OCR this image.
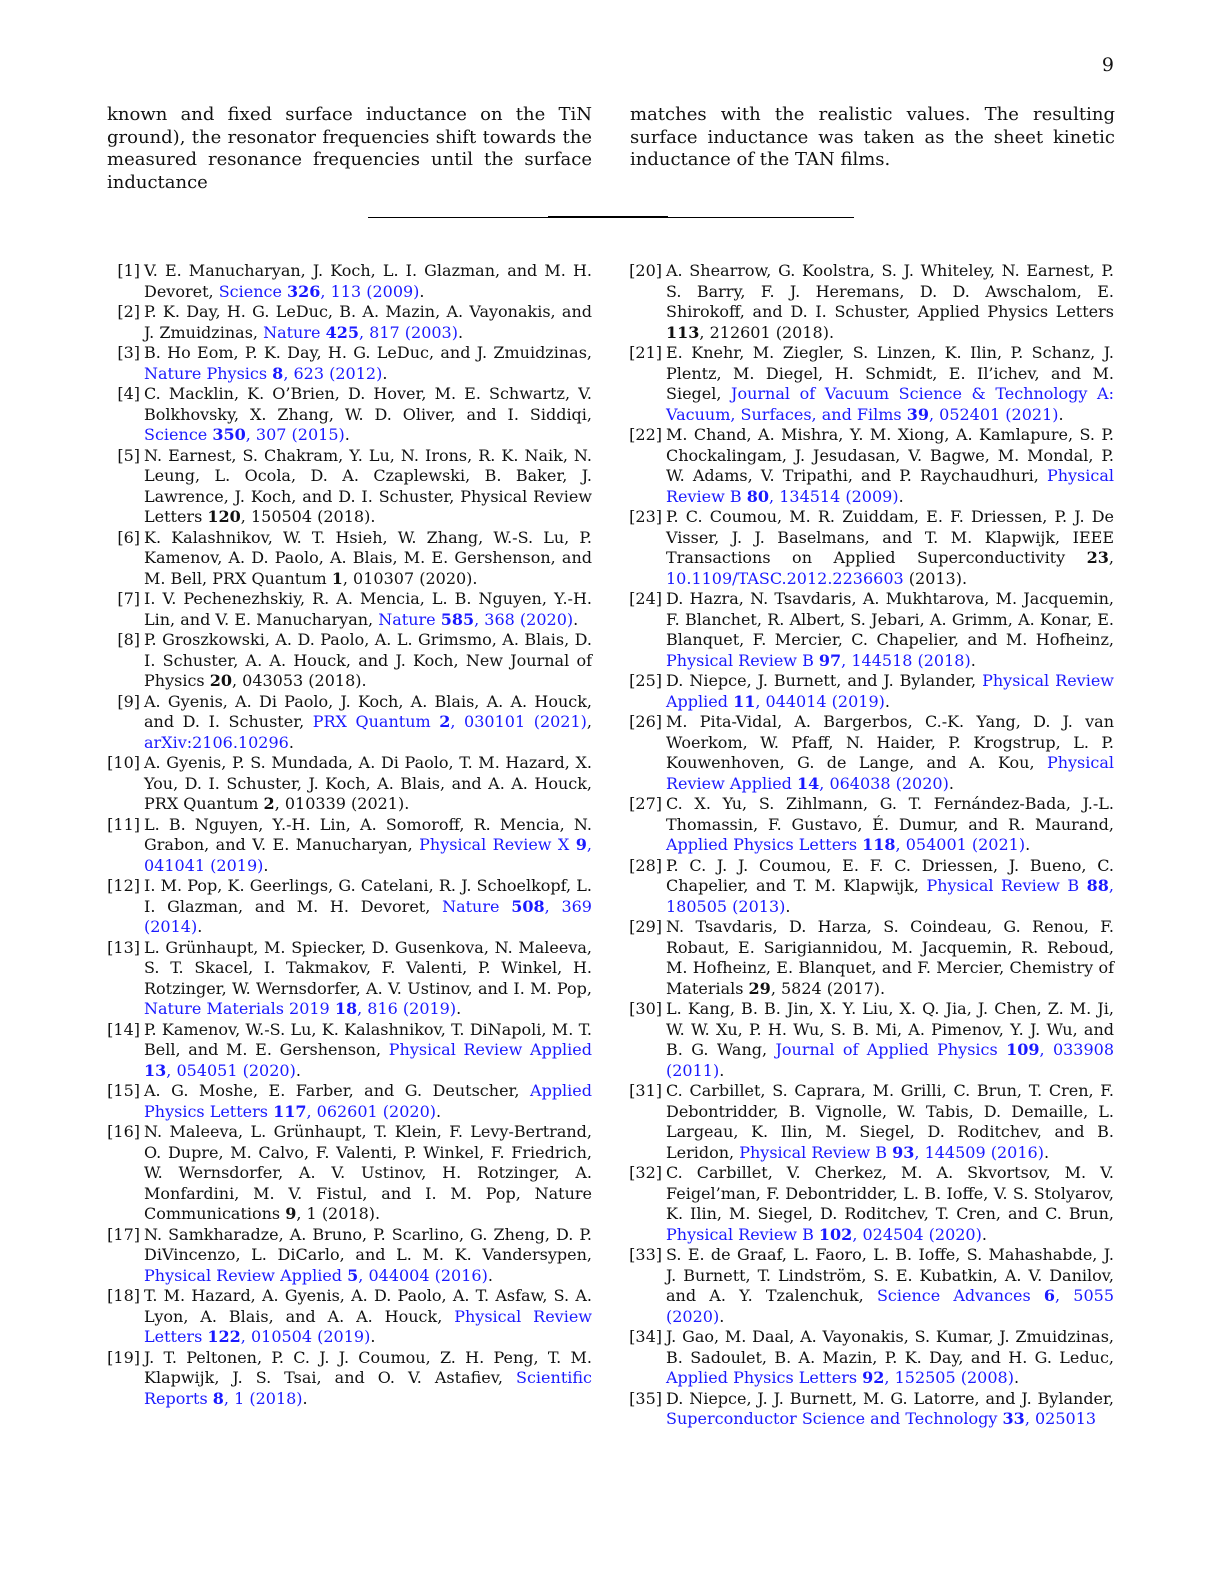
9

known and fixed surface inductance on the TiN ground), the resonator frequencies shift towards the measured resonance frequencies until the surface inductance

matches with the realistic values. The resulting surface inductance was taken as the sheet kinetic inductance of the TAN films.

[1] V. E. Manucharyan, J. Koch, L. I. Glazman, and M. H. Devoret, Science 326, 113 (2009).
[2] P. K. Day, H. G. LeDuc, B. A. Mazin, A. Vayonakis, and J. Zmuidzinas, Nature 425, 817 (2003).
[3] B. Ho Eom, P. K. Day, H. G. LeDuc, and J. Zmuidzinas, Nature Physics 8, 623 (2012).
[4] C. Macklin, K. O’Brien, D. Hover, M. E. Schwartz, V. Bolkhovsky, X. Zhang, W. D. Oliver, and I. Siddiqi, Science 350, 307 (2015).
[5] N. Earnest, S. Chakram, Y. Lu, N. Irons, R. K. Naik, N. Leung, L. Ocola, D. A. Czaplewski, B. Baker, J. Lawrence, J. Koch, and D. I. Schuster, Physical Review Letters 120, 150504 (2018).
[6] K. Kalashnikov, W. T. Hsieh, W. Zhang, W.-S. Lu, P. Kamenov, A. D. Paolo, A. Blais, M. E. Gershenson, and M. Bell, PRX Quantum 1, 010307 (2020).
[7] I. V. Pechenezhskiy, R. A. Mencia, L. B. Nguyen, Y.-H. Lin, and V. E. Manucharyan, Nature 585, 368 (2020).
[8] P. Groszkowski, A. D. Paolo, A. L. Grimsmo, A. Blais, D. I. Schuster, A. A. Houck, and J. Koch, New Journal of Physics 20, 043053 (2018).
[9] A. Gyenis, A. Di Paolo, J. Koch, A. Blais, A. A. Houck, and D. I. Schuster, PRX Quantum 2, 030101 (2021), arXiv:2106.10296.
[10] A. Gyenis, P. S. Mundada, A. Di Paolo, T. M. Hazard, X. You, D. I. Schuster, J. Koch, A. Blais, and A. A. Houck, PRX Quantum 2, 010339 (2021).
[11] L. B. Nguyen, Y.-H. Lin, A. Somoroff, R. Mencia, N. Grabon, and V. E. Manucharyan, Physical Review X 9, 041041 (2019).
[12] I. M. Pop, K. Geerlings, G. Catelani, R. J. Schoelkopf, L. I. Glazman, and M. H. Devoret, Nature 508, 369 (2014).
[13] L. Grünhaupt, M. Spiecker, D. Gusenkova, N. Maleeva, S. T. Skacel, I. Takmakov, F. Valenti, P. Winkel, H. Rotzinger, W. Wernsdorfer, A. V. Ustinov, and I. M. Pop, Nature Materials 2019 18, 816 (2019).
[14] P. Kamenov, W.-S. Lu, K. Kalashnikov, T. DiNapoli, M. T. Bell, and M. E. Gershenson, Physical Review Applied 13, 054051 (2020).
[15] A. G. Moshe, E. Farber, and G. Deutscher, Applied Physics Letters 117, 062601 (2020).
[16] N. Maleeva, L. Grünhaupt, T. Klein, F. Levy-Bertrand, O. Dupre, M. Calvo, F. Valenti, P. Winkel, F. Friedrich, W. Wernsdorfer, A. V. Ustinov, H. Rotzinger, A. Monfardini, M. V. Fistul, and I. M. Pop, Nature Communications 9, 1 (2018).
[17] N. Samkharadze, A. Bruno, P. Scarlino, G. Zheng, D. P. DiVincenzo, L. DiCarlo, and L. M. K. Vandersypen, Physical Review Applied 5, 044004 (2016).
[18] T. M. Hazard, A. Gyenis, A. D. Paolo, A. T. Asfaw, S. A. Lyon, A. Blais, and A. A. Houck, Physical Review Letters 122, 010504 (2019).
[19] J. T. Peltonen, P. C. J. J. Coumou, Z. H. Peng, T. M. Klapwijk, J. S. Tsai, and O. V. Astafiev, Scientific Reports 8, 1 (2018).
[20] A. Shearrow, G. Koolstra, S. J. Whiteley, N. Earnest, P. S. Barry, F. J. Heremans, D. D. Awschalom, E. Shirokoff, and D. I. Schuster, Applied Physics Letters 113, 212601 (2018).
[21] E. Knehr, M. Ziegler, S. Linzen, K. Ilin, P. Schanz, J. Plentz, M. Diegel, H. Schmidt, E. Il’ichev, and M. Siegel, Journal of Vacuum Science & Technology A: Vacuum, Surfaces, and Films 39, 052401 (2021).
[22] M. Chand, A. Mishra, Y. M. Xiong, A. Kamlapure, S. P. Chockalingam, J. Jesudasan, V. Bagwe, M. Mondal, P. W. Adams, V. Tripathi, and P. Raychaudhuri, Physical Review B 80, 134514 (2009).
[23] P. C. Coumou, M. R. Zuiddam, E. F. Driessen, P. J. De Visser, J. J. Baselmans, and T. M. Klapwijk, IEEE Transactions on Applied Superconductivity 23, 10.1109/TASC.2012.2236603 (2013).
[24] D. Hazra, N. Tsavdaris, A. Mukhtarova, M. Jacquemin, F. Blanchet, R. Albert, S. Jebari, A. Grimm, A. Konar, E. Blanquet, F. Mercier, C. Chapelier, and M. Hofheinz, Physical Review B 97, 144518 (2018).
[25] D. Niepce, J. Burnett, and J. Bylander, Physical Review Applied 11, 044014 (2019).
[26] M. Pita-Vidal, A. Bargerbos, C.-K. Yang, D. J. van Woerkom, W. Pfaff, N. Haider, P. Krogstrup, L. P. Kouwenhoven, G. de Lange, and A. Kou, Physical Review Applied 14, 064038 (2020).
[27] C. X. Yu, S. Zihlmann, G. T. Fernández-Bada, J.-L. Thomassin, F. Gustavo, É. Dumur, and R. Maurand, Applied Physics Letters 118, 054001 (2021).
[28] P. C. J. J. Coumou, E. F. C. Driessen, J. Bueno, C. Chapelier, and T. M. Klapwijk, Physical Review B 88, 180505 (2013).
[29] N. Tsavdaris, D. Harza, S. Coindeau, G. Renou, F. Robaut, E. Sarigiannidou, M. Jacquemin, R. Reboud, M. Hofheinz, E. Blanquet, and F. Mercier, Chemistry of Materials 29, 5824 (2017).
[30] L. Kang, B. B. Jin, X. Y. Liu, X. Q. Jia, J. Chen, Z. M. Ji, W. W. Xu, P. H. Wu, S. B. Mi, A. Pimenov, Y. J. Wu, and B. G. Wang, Journal of Applied Physics 109, 033908 (2011).
[31] C. Carbillet, S. Caprara, M. Grilli, C. Brun, T. Cren, F. Debontridder, B. Vignolle, W. Tabis, D. Demaille, L. Largeau, K. Ilin, M. Siegel, D. Roditchev, and B. Leridon, Physical Review B 93, 144509 (2016).
[32] C. Carbillet, V. Cherkez, M. A. Skvortsov, M. V. Feigel’man, F. Debontridder, L. B. Ioffe, V. S. Stolyarov, K. Ilin, M. Siegel, D. Roditchev, T. Cren, and C. Brun, Physical Review B 102, 024504 (2020).
[33] S. E. de Graaf, L. Faoro, L. B. Ioffe, S. Mahashabde, J. J. Burnett, T. Lindström, S. E. Kubatkin, A. V. Danilov, and A. Y. Tzalenchuk, Science Advances 6, 5055 (2020).
[34] J. Gao, M. Daal, A. Vayonakis, S. Kumar, J. Zmuidzinas, B. Sadoulet, B. A. Mazin, P. K. Day, and H. G. Leduc, Applied Physics Letters 92, 152505 (2008).
[35] D. Niepce, J. J. Burnett, M. G. Latorre, and J. Bylander, Superconductor Science and Technology 33, 025013
